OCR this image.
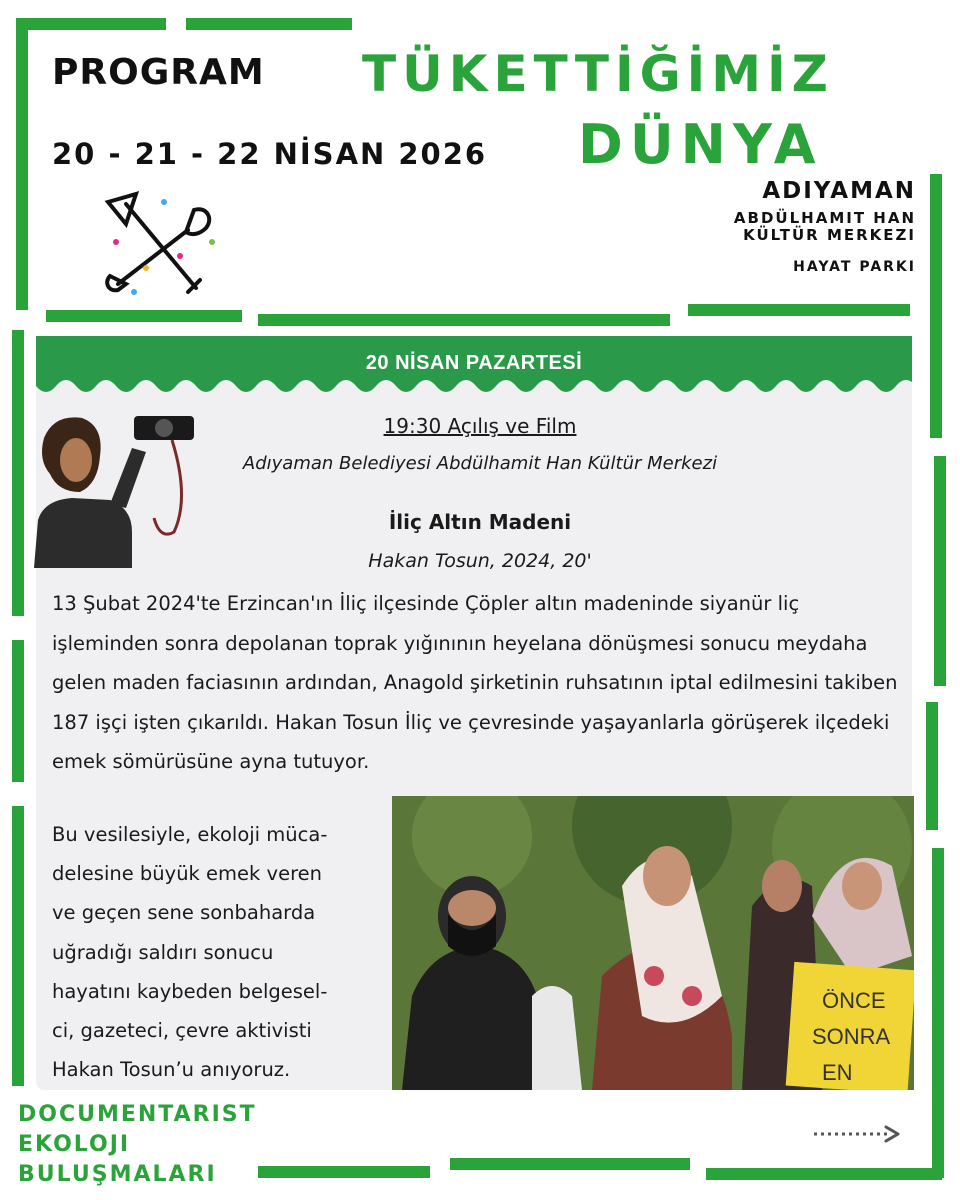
PROGRAM
20 - 21 - 22 NİSAN 2026
TÜKETTİĞİMİZ
DÜNYA
ADIYAMAN
ABDÜLHAMIT HAN
KÜLTÜR MERKEZI
HAYAT PARKI
20 NİSAN PAZARTESİ
19:30 Açılış ve Film
Adıyaman Belediyesi Abdülhamit Han Kültür Merkezi
İliç Altın Madeni
Hakan Tosun, 2024, 20'
13 Şubat 2024'te Erzincan'ın İliç ilçesinde Çöpler altın madeninde siyanür liç işleminden sonra depolanan toprak yığınının heyelana dönüşmesi sonucu meydaha gelen maden faciasının ardından, Anagold şirketinin ruhsatının iptal edilmesini takiben 187 işçi işten çıkarıldı. Hakan Tosun İliç ve çevresinde yaşayanlarla görüşerek ilçedeki emek sömürüsüne ayna tutuyor.
Bu vesilesiyle, ekoloji müca-
delesine büyük emek veren
ve geçen sene sonbaharda
uğradığı saldırı sonucu
hayatını kaybeden belgesel-
ci, gazeteci, çevre aktivisti
Hakan Tosun’u anıyoruz.
ÖNCE
SONRA
EN
DOCUMENTARIST
EKOLOJI
BULUŞMALARI
